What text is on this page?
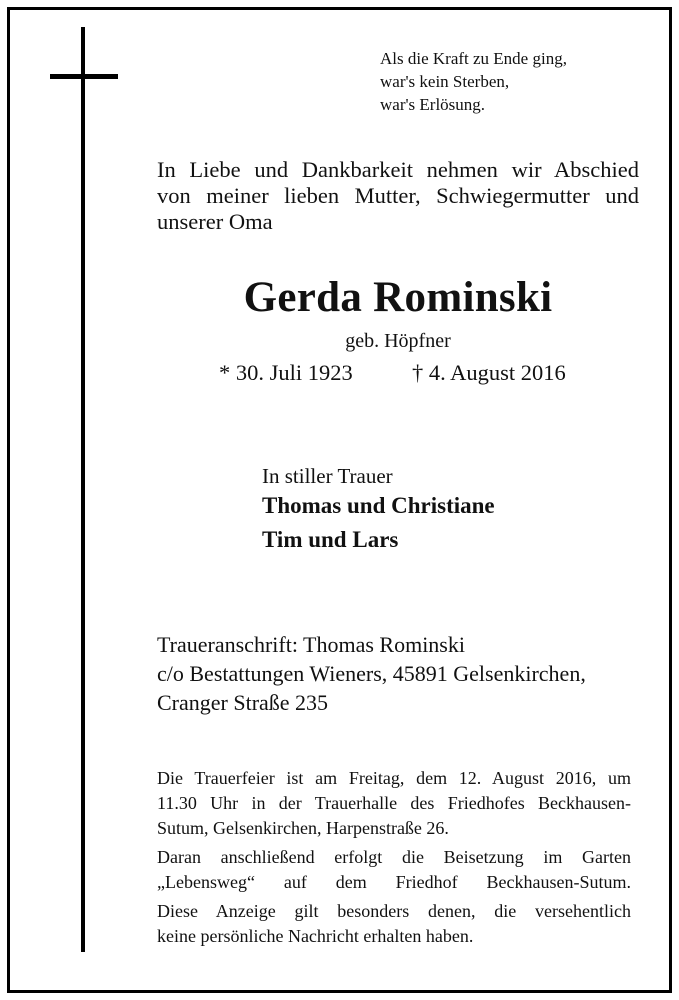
Als die Kraft zu Ende ging,
war's kein Sterben,
war's Erlösung.
In Liebe und Dankbarkeit nehmen wir Abschied
von meiner lieben Mutter, Schwiegermutter und
unserer Oma
Gerda Rominski
geb. Höpfner
* 30. Juli 1923	† 4. August 2016
In stiller Trauer
Thomas und Christiane
Tim und Lars
Traueranschrift: Thomas Rominski
c/o Bestattungen Wieners, 45891 Gelsenkirchen,
Cranger Straße 235

Die Trauerfeier ist am Freitag, dem 12. August 2016, um
11.30 Uhr in der Trauerhalle des Friedhofes Beckhausen-
Sutum, Gelsenkirchen, Harpenstraße 26.

Daran anschließend erfolgt die Beisetzung im Garten
„Lebensweg“ auf dem Friedhof Beckhausen-Sutum.

Diese Anzeige gilt besonders denen, die versehentlich
keine persönliche Nachricht erhalten haben.
